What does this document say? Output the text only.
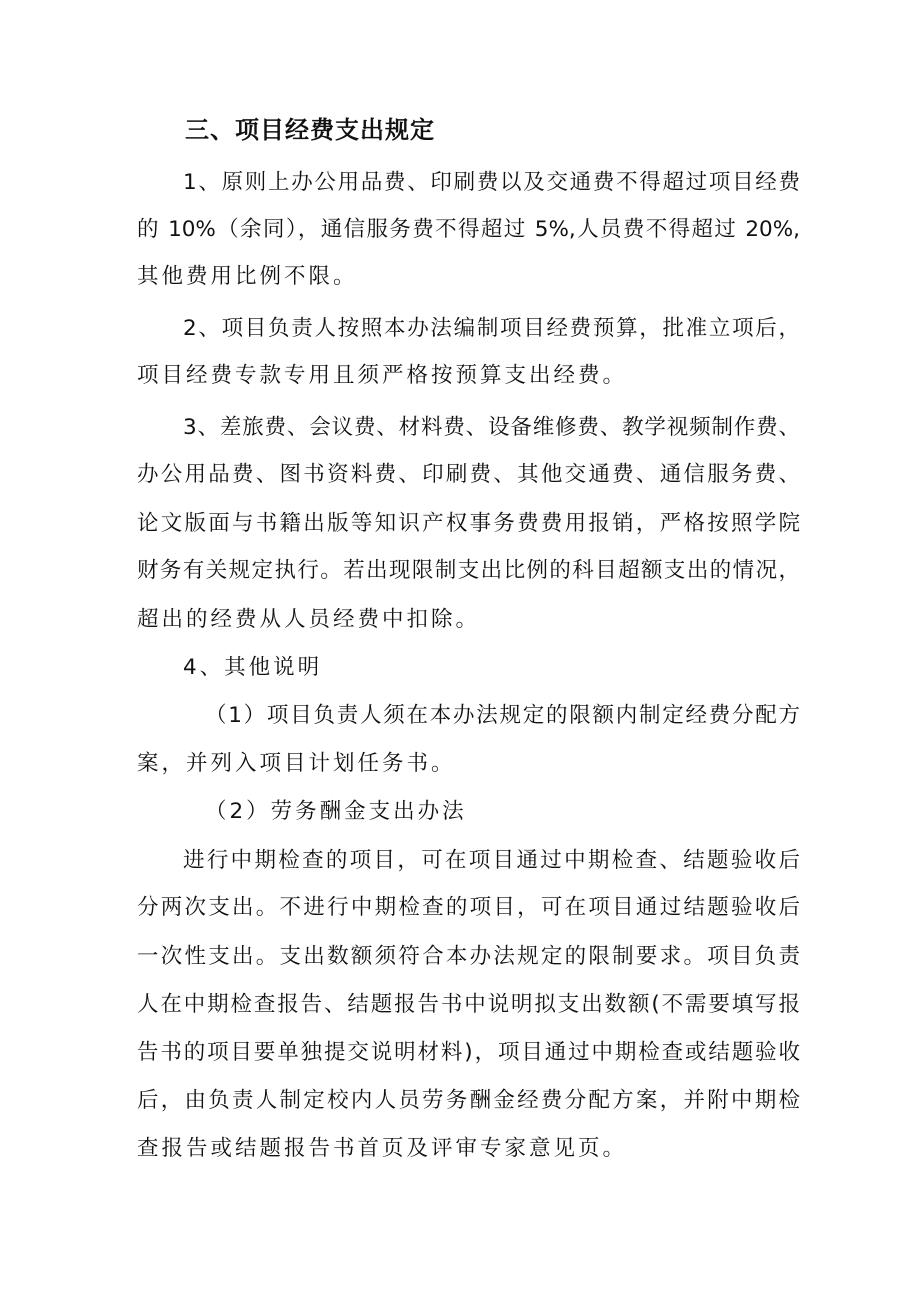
三、项目经费支出规定
1、原则上办公用品费、印刷费以及交通费不得超过项目经费
的 10%（余同），通信服务费不得超过 5%,人员费不得超过 20%,
其他费用比例不限。
2、项目负责人按照本办法编制项目经费预算，批准立项后，
项目经费专款专用且须严格按预算支出经费。
3、差旅费、会议费、材料费、设备维修费、教学视频制作费、
办公用品费、图书资料费、印刷费、其他交通费、通信服务费、
论文版面与书籍出版等知识产权事务费费用报销，严格按照学院
财务有关规定执行。若出现限制支出比例的科目超额支出的情况，
超出的经费从人员经费中扣除。
4、其他说明
（1）项目负责人须在本办法规定的限额内制定经费分配方
案，并列入项目计划任务书。
（2）劳务酬金支出办法
进行中期检查的项目，可在项目通过中期检查、结题验收后
分两次支出。不进行中期检查的项目，可在项目通过结题验收后
一次性支出。支出数额须符合本办法规定的限制要求。项目负责
人在中期检查报告、结题报告书中说明拟支出数额(不需要填写报
告书的项目要单独提交说明材料)，项目通过中期检查或结题验收
后，由负责人制定校内人员劳务酬金经费分配方案，并附中期检
查报告或结题报告书首页及评审专家意见页。
